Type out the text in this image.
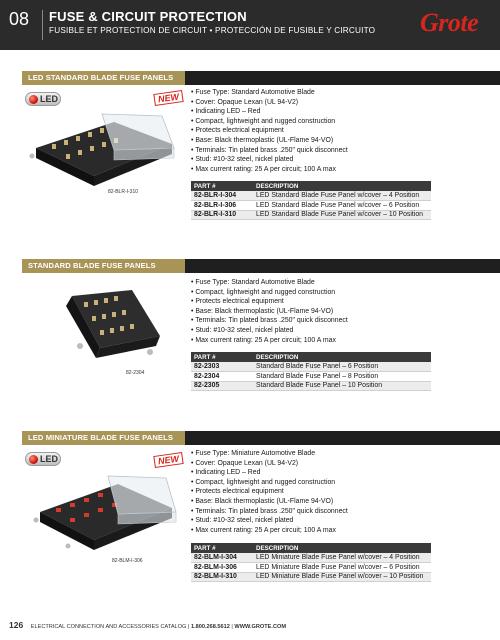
08 FUSE & CIRCUIT PROTECTION
FUSIBLE ET PROTECTION DE CIRCUIT • PROTECCIÓN DE FUSIBLE Y CIRCUITO Grote
LED STANDARD BLADE FUSE PANELS
LED	NEW
82-BLR-I-310
• Fuse Type: Standard Automotive Blade
• Cover: Opaque Lexan (UL 94-V2)
• Indicating LED – Red
• Compact, lightweight and rugged construction
• Protects electrical equipment
• Base: Black thermoplastic (UL-Flame 94-VO)
• Terminals: Tin plated brass .250" quick disconnect
• Stud: #10-32 steel, nickel plated
• Max current rating: 25 A per circuit; 100 A max
PART #	DESCRIPTION
82-BLR-I-304	LED Standard Blade Fuse Panel w/cover – 4 Position
82-BLR-I-306	LED Standard Blade Fuse Panel w/cover – 6 Position
82-BLR-I-310	LED Standard Blade Fuse Panel w/cover – 10 Position
STANDARD BLADE FUSE PANELS
82-2304
• Fuse Type: Standard Automotive Blade
• Compact, lightweight and rugged construction
• Protects electrical equipment
• Base: Black thermoplastic (UL-Flame 94-VO)
• Terminals: Tin plated brass .250" quick disconnect
• Stud: #10-32 steel, nickel plated
• Max current rating: 25 A per circuit; 100 A max
PART #	DESCRIPTION
82-2303	Standard Blade Fuse Panel – 6 Position
82-2304	Standard Blade Fuse Panel – 8 Position
82-2305	Standard Blade Fuse Panel – 10 Position
LED MINIATURE BLADE FUSE PANELS
LED	NEW
82-BLM-I-306
• Fuse Type: Miniature Automotive Blade
• Cover: Opaque Lexan (UL 94-V2)
• Indicating LED – Red
• Compact, lightweight and rugged construction
• Protects electrical equipment
• Base: Black thermoplastic (UL-Flame 94-VO)
• Terminals: Tin plated brass .250" quick disconnect
• Stud: #10-32 steel, nickel plated
• Max current rating: 25 A per circuit; 100 A max
PART #	DESCRIPTION
82-BLM-I-304	LED Miniature Blade Fuse Panel w/cover – 4 Position
82-BLM-I-306	LED Miniature Blade Fuse Panel w/cover – 6 Position
82-BLM-I-310	LED Miniature Blade Fuse Panel w/cover – 10 Position
126 ELECTRICAL CONNECTION AND ACCESSORIES CATALOG | 1.800.268.5612 | WWW.GROTE.COM
